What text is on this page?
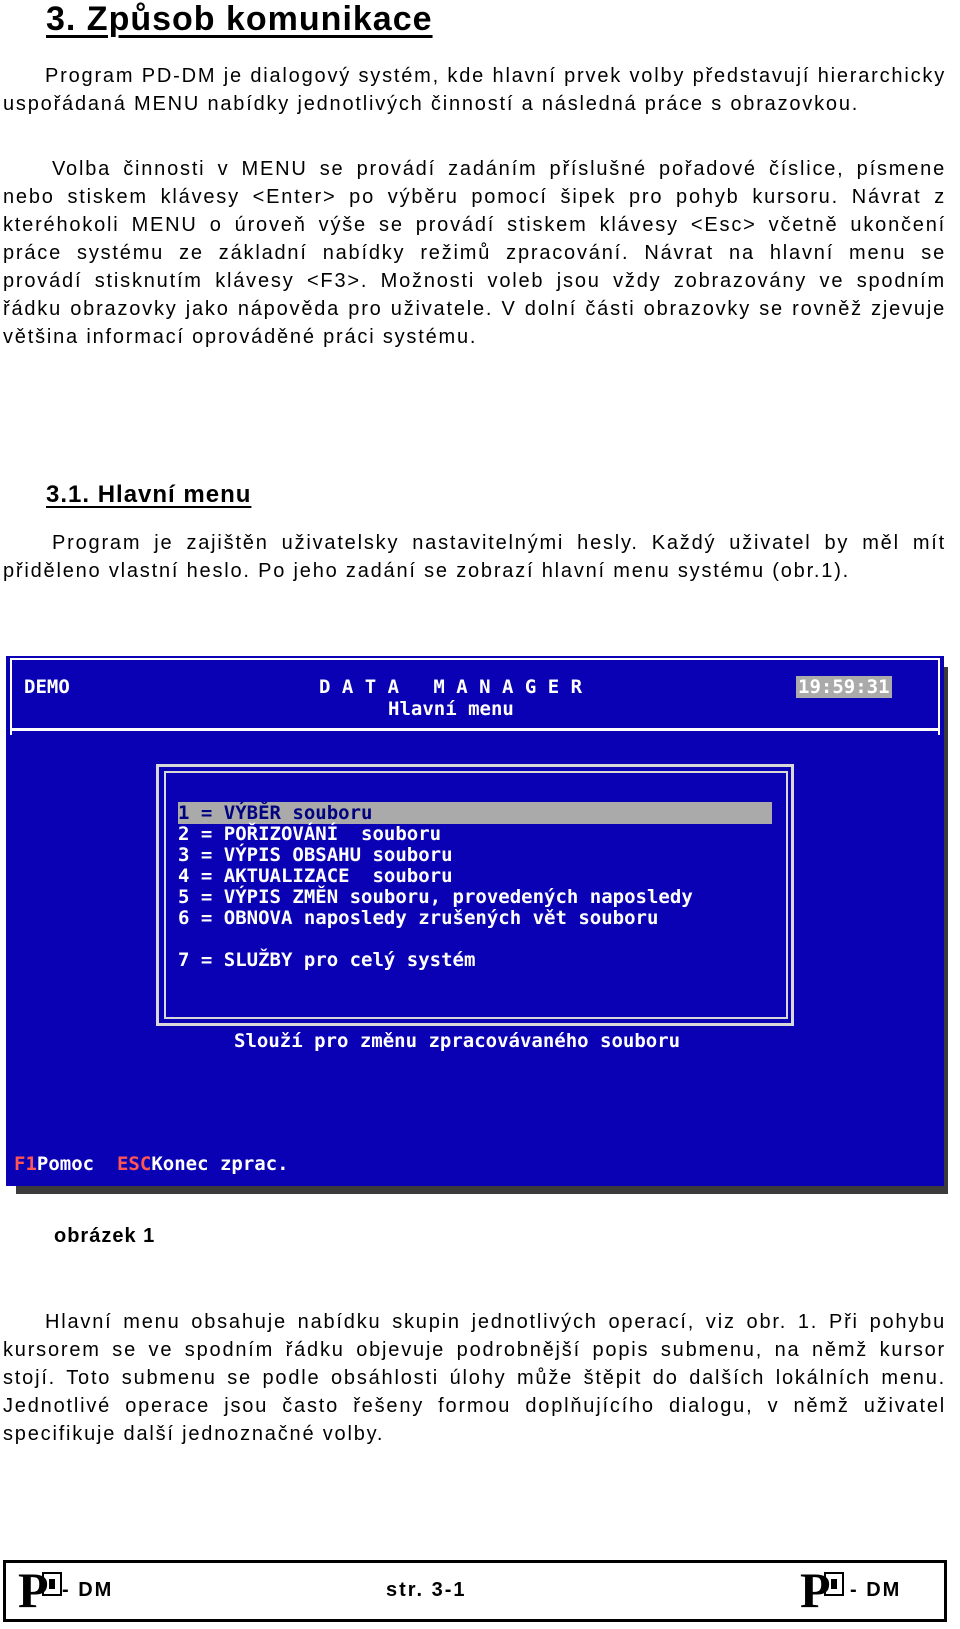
3. Způsob komunikace
Program PD-DM je dialogový systém, kde hlavní prvek volby představují hierarchicky uspořádaná MENU nabídky jednotlivých činností a následná práce s obrazovkou.
Volba činnosti v MENU se provádí zadáním příslušné pořadové číslice, písmene nebo stiskem klávesy <Enter> po výběru pomocí šipek pro pohyb kursoru. Návrat z kteréhokoli MENU o úroveň výše se provádí stiskem klávesy <Esc> včetně ukončení práce systému ze základní nabídky režimů zpracování. Návrat na hlavní menu se provádí stisknutím klávesy <F3>. Možnosti voleb jsou vždy zobrazovány ve spodním řádku obrazovky jako nápověda pro uživatele. V dolní části obrazovky se rovněž zjevuje většina informací oprováděné práci systému.
3.1. Hlavní menu
Program je zajištěn uživatelsky nastavitelnými hesly. Každý uživatel by měl mít přiděleno vlastní heslo. Po jeho zadání se zobrazí hlavní menu systému (obr.1).
DEMO	D A T A   M A N A G E R
Hlavní menu
19:59:31
1 = VÝBĚR souboru
2 = POŘIZOVÁNÍ  souboru
3 = VÝPIS OBSAHU souboru
4 = AKTUALIZACE  souboru
5 = VÝPIS ZMĚN souboru, provedených naposledy
6 = OBNOVA naposledy zrušených vět souboru
7 = SLUŽBY pro celý systém
Slouží pro změnu zpracovávaného souboru
F1Pomoc ESCKonec zprac.
obrázek 1
Hlavní menu obsahuje nabídku skupin jednotlivých operací, viz obr. 1. Při pohybu kursorem se ve spodním řádku objevuje podrobnější popis submenu, na němž kursor stojí. Toto submenu se podle obsáhlosti úlohy může štěpit do dalších lokálních menu. Jednotlivé operace jsou často řešeny formou doplňujícího dialogu, v němž uživatel specifikuje další jednoznačné volby.
P - DM	str. 3-1	P - DM
